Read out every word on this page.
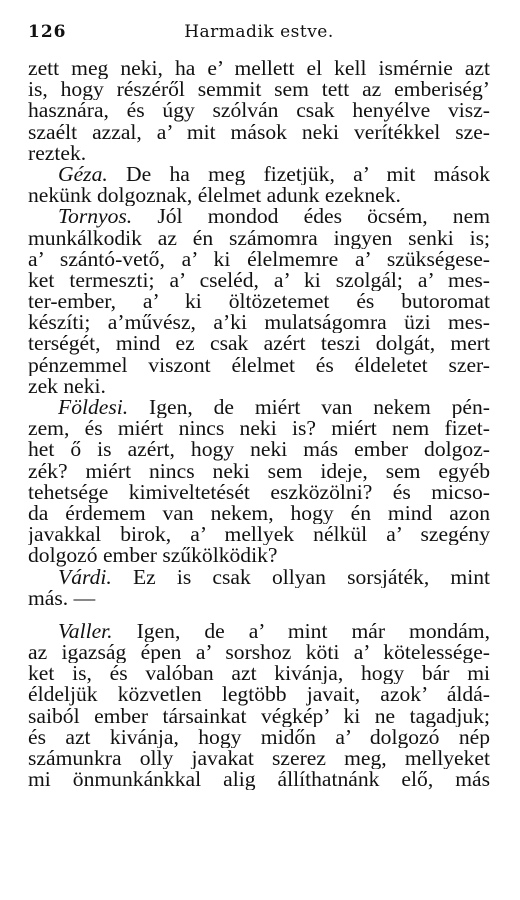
126	Harmadik estve.
zett meg neki, ha e’ mellett el kell ismérnie azt
is, hogy részéről semmit sem tett az emberiség’
hasznára, és úgy szólván csak henyélve visz-
szaélt azzal, a’ mit mások neki verítékkel sze-
reztek.
Géza. De ha meg fizetjük, a’ mit mások
nekünk dolgoznak, élelmet adunk ezeknek.
Tornyos. Jól mondod édes öcsém, nem
munkálkodik az én számomra ingyen senki is;
a’ szántó-vető, a’ ki élelmemre a’ szükségese-
ket termeszti; a’ cseléd, a’ ki szolgál; a’ mes-
ter-ember, a’ ki öltözetemet és butoromat
készíti; a’művész, a’ki mulatságomra üzi mes-
terségét, mind ez csak azért teszi dolgát, mert
pénzemmel viszont élelmet és éldeletet szer-
zek neki.
Földesi. Igen, de miért van nekem pén-
zem, és miért nincs neki is? miért nem fizet-
het ő is azért, hogy neki más ember dolgoz-
zék? miért nincs neki sem ideje, sem egyéb
tehetsége kimiveltetését eszközölni? és micso-
da érdemem van nekem, hogy én mind azon
javakkal birok, a’ mellyek nélkül a’ szegény
dolgozó ember szűkölködik?
Várdi. Ez is csak ollyan sorsjáték, mint
más. —
Valler. Igen, de a’ mint már mondám,
az igazság épen a’ sorshoz köti a’ kötelessége-
ket is, és valóban azt kivánja, hogy bár mi
éldeljük közvetlen legtöbb javait, azok’ áldá-
saiból ember társainkat végkép’ ki ne tagadjuk;
és azt kivánja, hogy midőn a’ dolgozó nép
számunkra olly javakat szerez meg, mellyeket
mi önmunkánkkal alig állíthatnánk elő, más
